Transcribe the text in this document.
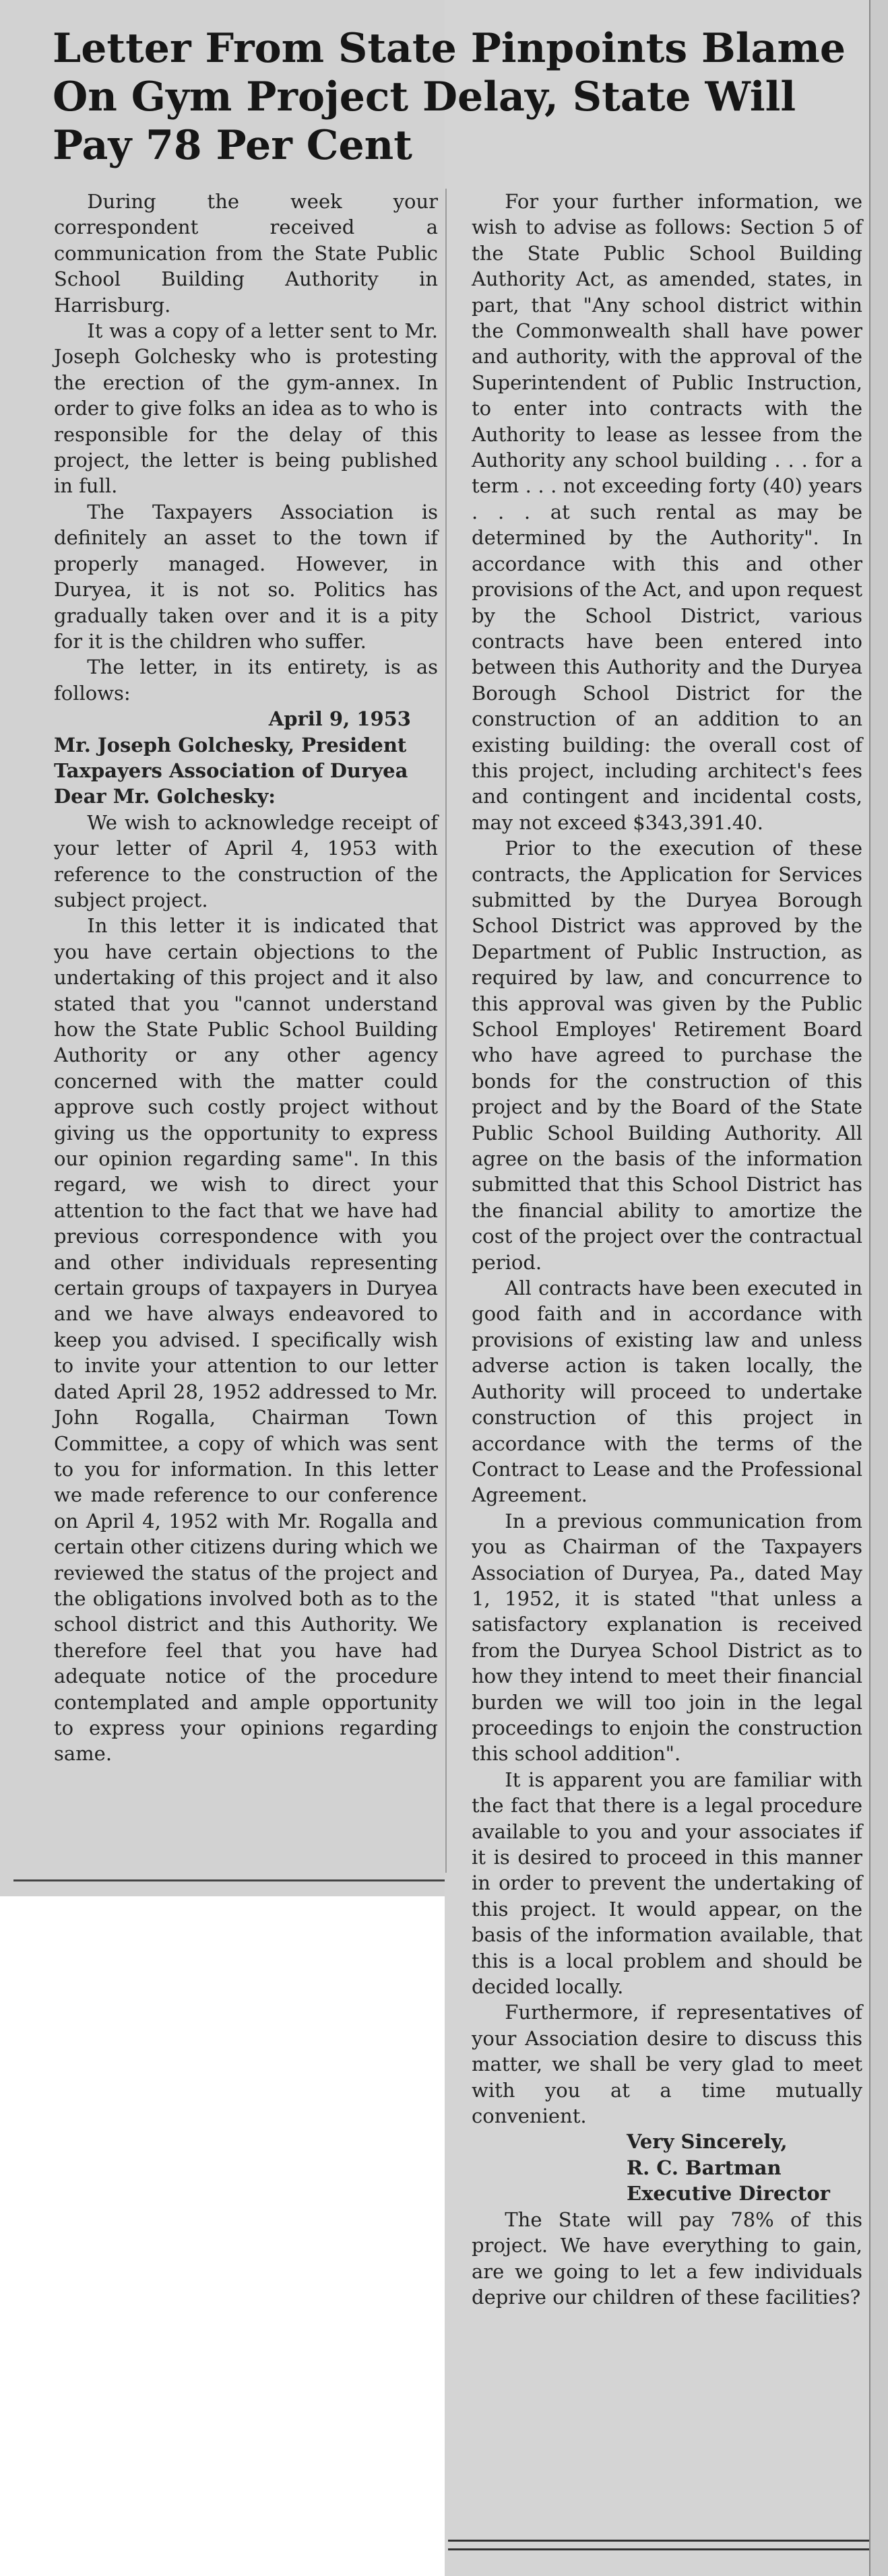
Letter From State Pinpoints Blame On Gym Project Delay, State Will Pay 78 Per Cent

During the week your correspondent received a communication from the State Public School Building Authority in Harrisburg.

It was a copy of a letter sent to Mr. Joseph Golchesky who is protesting the erection of the gym-annex. In order to give folks an idea as to who is responsible for the delay of this project, the letter is being published in full.

The Taxpayers Association is definitely an asset to the town if properly managed. However, in Duryea, it is not so. Politics has gradually taken over and it is a pity for it is the children who suffer.

The letter, in its entirety, is as follows:

April 9, 1953

Mr. Joseph Golchesky, President Taxpayers Association of Duryea

Dear Mr. Golchesky:

We wish to acknowledge receipt of your letter of April 4, 1953 with reference to the construction of the subject project.

In this letter it is indicated that you have certain objections to the undertaking of this project and it also stated that you "cannot understand how the State Public School Building Authority or any other agency concerned with the matter could approve such costly project without giving us the opportunity to express our opinion regarding same". In this regard, we wish to direct your attention to the fact that we have had previous correspondence with you and other individuals representing certain groups of taxpayers in Duryea and we have always endeavored to keep you advised. I specifically wish to invite your attention to our letter dated April 28, 1952 addressed to Mr. John Rogalla, Chairman Town Committee, a copy of which was sent to you for information. In this letter we made reference to our conference on April 4, 1952 with Mr. Rogalla and certain other citizens during which we reviewed the status of the project and the obligations involved both as to the school district and this Authority. We therefore feel that you have had adequate notice of the procedure contemplated and ample opportunity to express your opinions regarding same.

For your further information, we wish to advise as follows: Section 5 of the State Public School Building Authority Act, as amended, states, in part, that "Any school district within the Commonwealth shall have power and authority, with the approval of the Superintendent of Public Instruction, to enter into contracts with the Authority to lease as lessee from the Authority any school building . . . for a term . . . not exceeding forty (40) years . . . at such rental as may be determined by the Authority". In accordance with this and other provisions of the Act, and upon request by the School District, various contracts have been entered into between this Authority and the Duryea Borough School District for the construction of an addition to an existing building: the overall cost of this project, including architect's fees and contingent and incidental costs, may not exceed $343,391.40.

Prior to the execution of these contracts, the Application for Services submitted by the Duryea Borough School District was approved by the Department of Public Instruction, as required by law, and concurrence to this approval was given by the Public School Employes' Retirement Board who have agreed to purchase the bonds for the construction of this project and by the Board of the State Public School Building Authority. All agree on the basis of the information submitted that this School District has the financial ability to amortize the cost of the project over the contractual period.

All contracts have been executed in good faith and in accordance with provisions of existing law and unless adverse action is taken locally, the Authority will proceed to undertake construction of this project in accordance with the terms of the Contract to Lease and the Professional Agreement.

In a previous communication from you as Chairman of the Taxpayers Association of Duryea, Pa., dated May 1, 1952, it is stated "that unless a satisfactory explanation is received from the Duryea School District as to how they intend to meet their financial burden we will too join in the legal proceedings to enjoin the construction this school addition".

It is apparent you are familiar with the fact that there is a legal procedure available to you and your associates if it is desired to proceed in this manner in order to prevent the undertaking of this project. It would appear, on the basis of the information available, that this is a local problem and should be decided locally.

Furthermore, if representatives of your Association desire to discuss this matter, we shall be very glad to meet with you at a time mutually convenient.

Very Sincerely,

R. C. Bartman

Executive Director

The State will pay 78% of this project. We have everything to gain, are we going to let a few individuals deprive our children of these facilities?
